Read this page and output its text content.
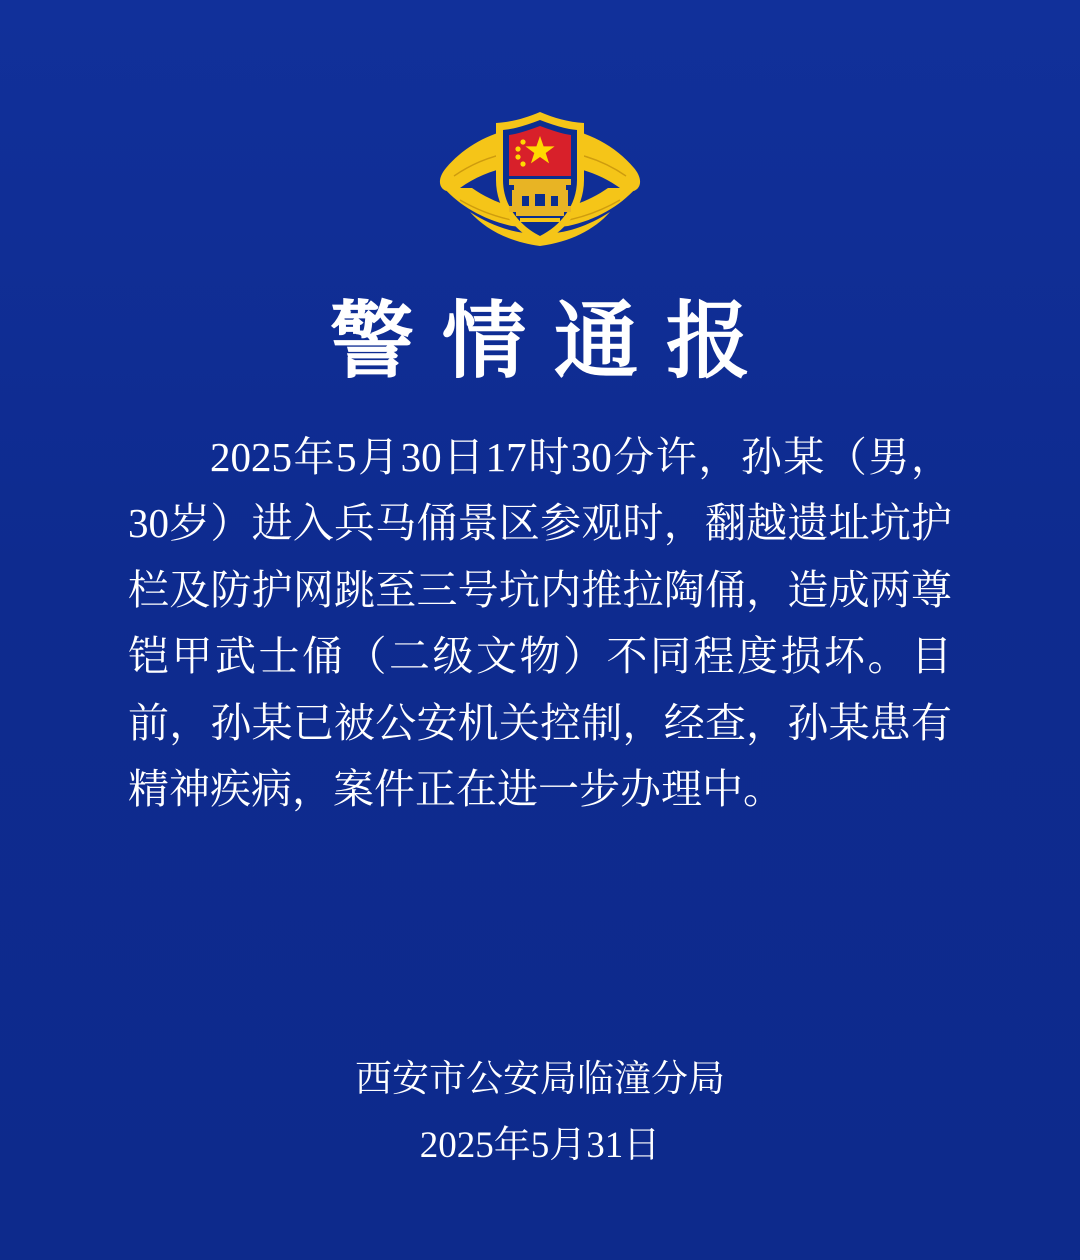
警情通报
2025年5月30日17时30分许，孙某（男，30岁）进入兵马俑景区参观时，翻越遗址坑护栏及防护网跳至三号坑内推拉陶俑，造成两尊铠甲武士俑（二级文物）不同程度损坏。目前，孙某已被公安机关控制，经查，孙某患有精神疾病，案件正在进一步办理中。
西安市公安局临潼分局
2025年5月31日
